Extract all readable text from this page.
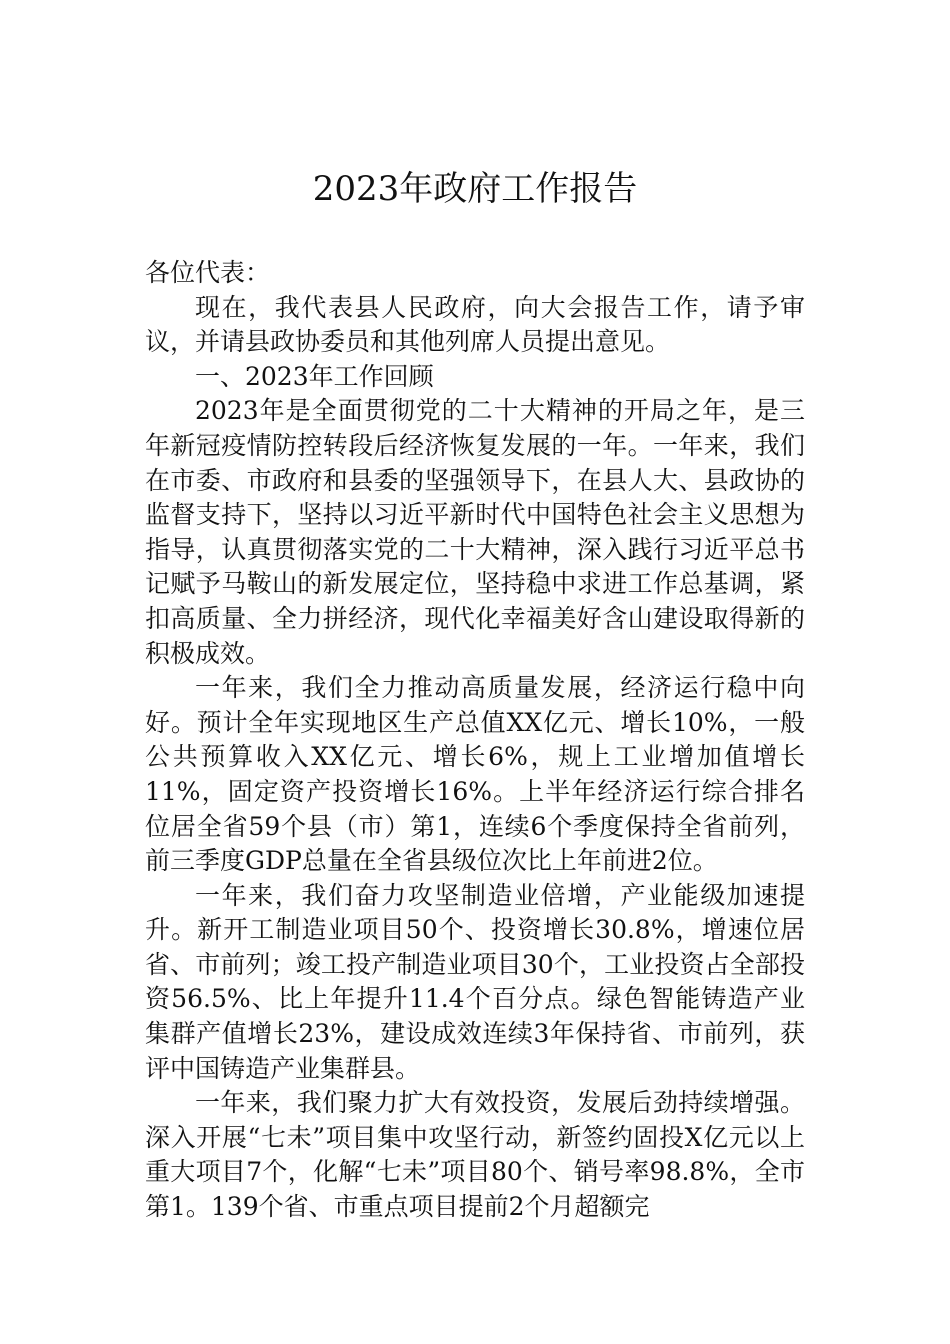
2023年政府工作报告

各位代表：

现在，我代表县人民政府，向大会报告工作，请予审议，并请县政协委员和其他列席人员提出意见。

一、2023年工作回顾

2023年是全面贯彻党的二十大精神的开局之年，是三年新冠疫情防控转段后经济恢复发展的一年。一年来，我们在市委、市政府和县委的坚强领导下，在县人大、县政协的监督支持下，坚持以习近平新时代中国特色社会主义思想为指导，认真贯彻落实党的二十大精神，深入践行习近平总书记赋予马鞍山的新发展定位，坚持稳中求进工作总基调，紧扣高质量、全力拼经济，现代化幸福美好含山建设取得新的积极成效。

一年来，我们全力推动高质量发展，经济运行稳中向好。预计全年实现地区生产总值XX亿元、增长10%，一般公共预算收入XX亿元、增长6%，规上工业增加值增长11%，固定资产投资增长16%。上半年经济运行综合排名位居全省59个县（市）第1，连续6个季度保持全省前列，前三季度GDP总量在全省县级位次比上年前进2位。

一年来，我们奋力攻坚制造业倍增，产业能级加速提升。新开工制造业项目50个、投资增长30.8%，增速位居省、市前列；竣工投产制造业项目30个，工业投资占全部投资56.5%、比上年提升11.4个百分点。绿色智能铸造产业集群产值增长23%，建设成效连续3年保持省、市前列，获评中国铸造产业集群县。

一年来，我们聚力扩大有效投资，发展后劲持续增强。深入开展“七未”项目集中攻坚行动，新签约固投X亿元以上重大项目7个，化解“七未”项目80个、销号率98.8%，全市第1。139个省、市重点项目提前2个月超额完
